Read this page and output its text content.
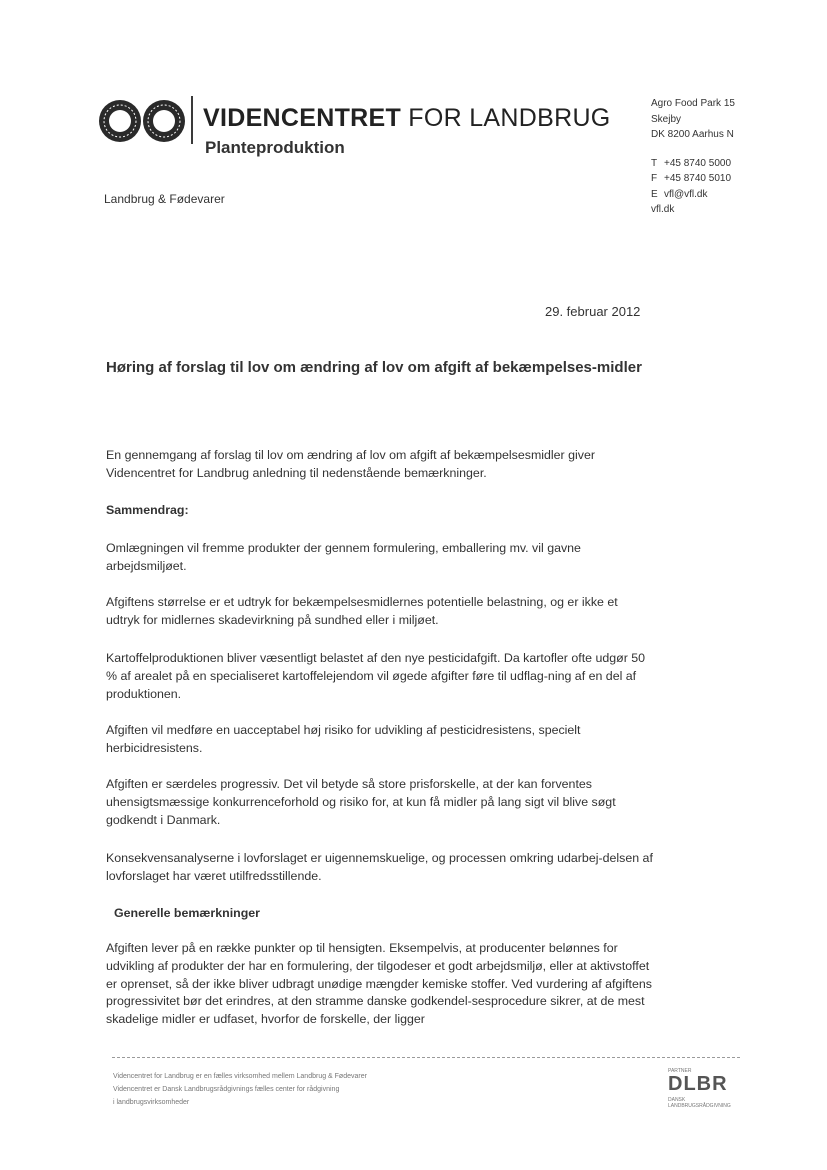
VIDENCENTRET FOR LANDBRUG
Planteproduktion
Landbrug & Fødevarer
Agro Food Park 15
Skejby
DK 8200 Aarhus N
T +45 8740 5000
F +45 8740 5010
E vfl@vfl.dk
vfl.dk
29. februar 2012
Høring af forslag til lov om ændring af lov om afgift af bekæmpelses-midler
En gennemgang af forslag til lov om ændring af lov om afgift af bekæmpelsesmidler giver Videncentret for Landbrug anledning til nedenstående bemærkninger.
Sammendrag:
Omlægningen vil fremme produkter der gennem formulering, emballering mv. vil gavne arbejdsmiljøet.
Afgiftens størrelse er et udtryk for bekæmpelsesmidlernes potentielle belastning, og er ikke et udtryk for midlernes skadevirkning på sundhed eller i miljøet.
Kartoffelproduktionen bliver væsentligt belastet af den nye pesticidafgift. Da kartofler ofte udgør 50 % af arealet på en specialiseret kartoffelejendom vil øgede afgifter føre til udflag-ning af en del af produktionen.
Afgiften vil medføre en uacceptabel høj risiko for udvikling af pesticidresistens, specielt herbicidresistens.
Afgiften er særdeles progressiv. Det vil betyde så store prisforskelle, at der kan forventes uhensigtsmæssige konkurrenceforhold og risiko for, at kun få midler på lang sigt vil blive søgt godkendt i Danmark.
Konsekvensanalyserne i lovforslaget er uigennemskuelige, og processen omkring udarbej-delsen af lovforslaget har været utilfredsstillende.
Generelle bemærkninger
Afgiften lever på en række punkter op til hensigten. Eksempelvis, at producenter belønnes for udvikling af produkter der har en formulering, der tilgodeser et godt arbejdsmiljø, eller at aktivstoffet er oprenset, så der ikke bliver udbragt unødige mængder kemiske stoffer. Ved vurdering af afgiftens progressivitet bør det erindres, at den stramme danske godkendel-sesprocedure sikrer, at de mest skadelige midler er udfaset, hvorfor de forskelle, der ligger
Videncentret for Landbrug er en fælles virksomhed mellem Landbrug & Fødevarer
Videncentret er Dansk Landbrugsrådgivnings fælles center for rådgivning
i landbrugsvirksomheder
PARTNER
DLBR
DANSK
LANDBRUGSRÅDGIVNING
